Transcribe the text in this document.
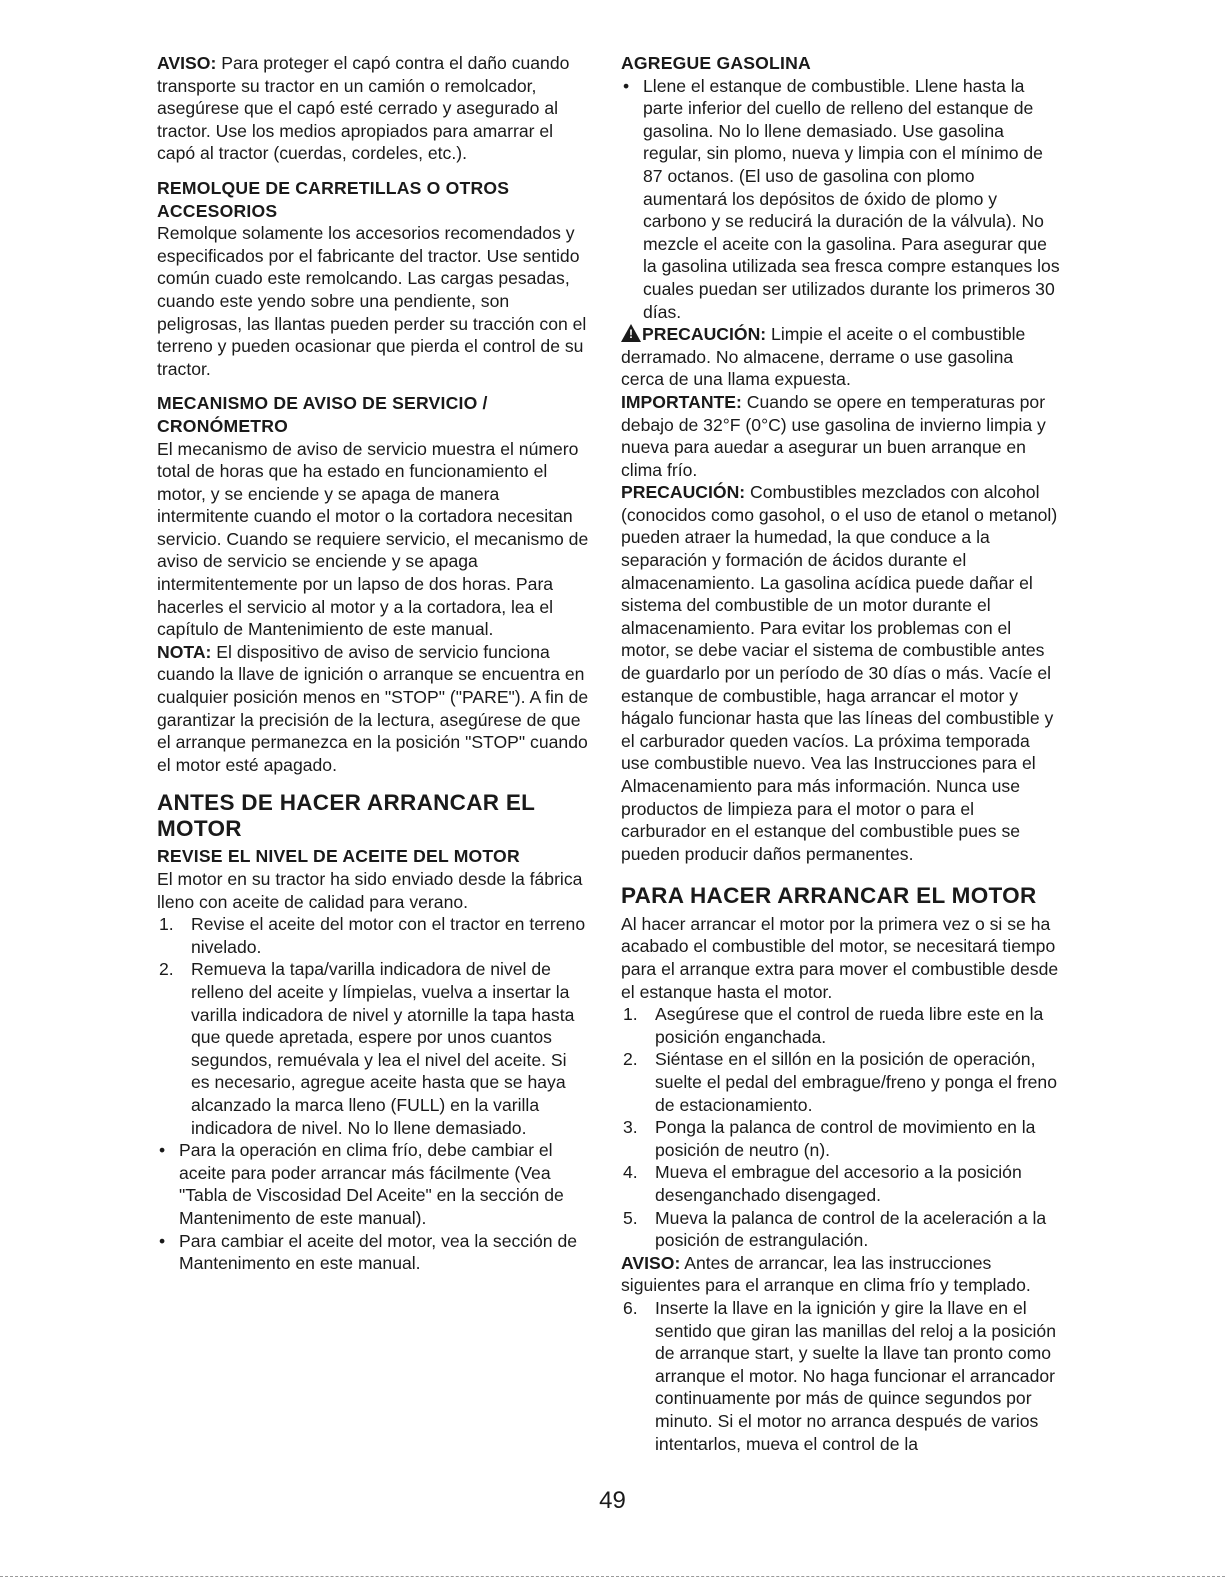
AVISO: Para proteger el capó contra el daño cuando transporte su tractor en un camión o remolcador, asegúrese que el capó esté cerrado y asegurado al tractor. Use los medios apropiados para amarrar el capó al tractor (cuerdas, cordeles, etc.).

REMOLQUE DE CARRETILLAS O OTROS ACCESORIOS

Remolque solamente los accesorios recomendados y especificados por el fabricante del tractor. Use sentido común cuado este remolcando. Las cargas pesadas, cuando este yendo sobre una pendiente, son peligrosas, las llantas pueden perder su tracción con el terreno y pueden ocasionar que pierda el control de su tractor.

MECANISMO DE AVISO DE SERVICIO / CRONÓMETRO

El mecanismo de aviso de servicio muestra el número total de horas que ha estado en funcionamiento el motor, y se enciende y se apaga de manera intermitente cuando el motor o la cortadora necesitan servicio. Cuando se requiere servicio, el mecanismo de aviso de servicio se enciende y se apaga intermitentemente por un lapso de dos horas. Para hacerles el servicio al motor y a la cortadora, lea el capítulo de Mantenimiento de este manual.

NOTA: El dispositivo de aviso de servicio funciona cuando la llave de ignición o arranque se encuentra en cualquier posición menos en "STOP" ("PARE"). A fin de garantizar la precisión de la lectura, asegúrese de que el arranque permanezca en la posición "STOP" cuando el motor esté apagado.

ANTES DE HACER ARRANCAR EL MOTOR
REVISE EL NIVEL DE ACEITE DEL MOTOR

El motor en su tractor ha sido enviado desde la fábrica lleno con aceite de calidad para verano.

1. Revise el aceite del motor con el tractor en terreno nivelado.
2. Remueva la tapa/varilla indicadora de nivel de relleno del aceite y límpielas, vuelva a insertar la varilla indicadora de nivel y atornille la tapa hasta que quede apretada, espere por unos cuantos segundos, remuévala y lea el nivel del aceite. Si es necesario, agregue aceite hasta que se haya alcanzado la marca lleno (FULL) en la varilla indicadora de nivel. No lo llene demasiado.
• Para la operación en clima frío, debe cambiar el aceite para poder arrancar más fácilmente (Vea "Tabla de Viscosidad Del Aceite" en la sección de Mantenimento de este manual).
• Para cambiar el aceite del motor, vea la sección de Mantenimento en este manual.
AGREGUE GASOLINA
• Llene el estanque de combustible. Llene hasta la parte inferior del cuello de relleno del estanque de gasolina. No lo llene demasiado. Use gasolina regular, sin plomo, nueva y limpia con el mínimo de 87 octanos. (El uso de gasolina con plomo aumentará los depósitos de óxido de plomo y carbono y se reducirá la duración de la válvula). No mezcle el aceite con la gasolina. Para asegurar que la gasolina utilizada sea fresca compre estanques los cuales puedan ser utilizados durante los primeros 30 días.

!PRECAUCIÓN: Limpie el aceite o el combustible derramado. No almacene, derrame o use gasolina cerca de una llama expuesta.

IMPORTANTE: Cuando se opere en temperaturas por debajo de 32°F (0°C) use gasolina de invierno limpia y nueva para auedar a asegurar un buen arranque en clima frío.

PRECAUCIÓN: Combustibles mezclados con alcohol (conocidos como gasohol, o el uso de etanol o metanol) pueden atraer la humedad, la que conduce a la separación y formación de ácidos durante el almacenamiento. La gasolina acídica puede dañar el sistema del combustible de un motor durante el almacenamiento. Para evitar los problemas con el motor, se debe vaciar el sistema de combustible antes de guardarlo por un período de 30 días o más. Vacíe el estanque de combustible, haga arrancar el motor y hágalo funcionar hasta que las líneas del combustible y el carburador queden vacíos. La próxima temporada use combustible nuevo. Vea las Instrucciones para el Almacenamiento para más información. Nunca use productos de limpieza para el motor o para el carburador en el estanque del combustible pues se pueden producir daños permanentes.

PARA HACER ARRANCAR EL MOTOR

Al hacer arrancar el motor por la primera vez o si se ha acabado el combustible del motor, se necesitará tiempo para el arranque extra para mover el combustible desde el estanque hasta el motor.

1. Asegúrese que el control de rueda libre este en la posición enganchada.
2. Siéntase en el sillón en la posición de operación, suelte el pedal del embrague/freno y ponga el freno de estacionamiento.
3. Ponga la palanca de control de movimiento en la posición de neutro (n).
4. Mueva el embrague del accesorio a la posición desenganchado disengaged.
5. Mueva la palanca de control de la aceleración a la posición de estrangulación.

AVISO: Antes de arrancar, lea las instrucciones siguientes para el arranque en clima frío y templado.

6. Inserte la llave en la ignición y gire la llave en el sentido que giran las manillas del reloj a la posición de arranque start, y suelte la llave tan pronto como arranque el motor. No haga funcionar el arrancador continuamente por más de quince segundos por minuto. Si el motor no arranca después de varios intentarlos, mueva el control de la
49
